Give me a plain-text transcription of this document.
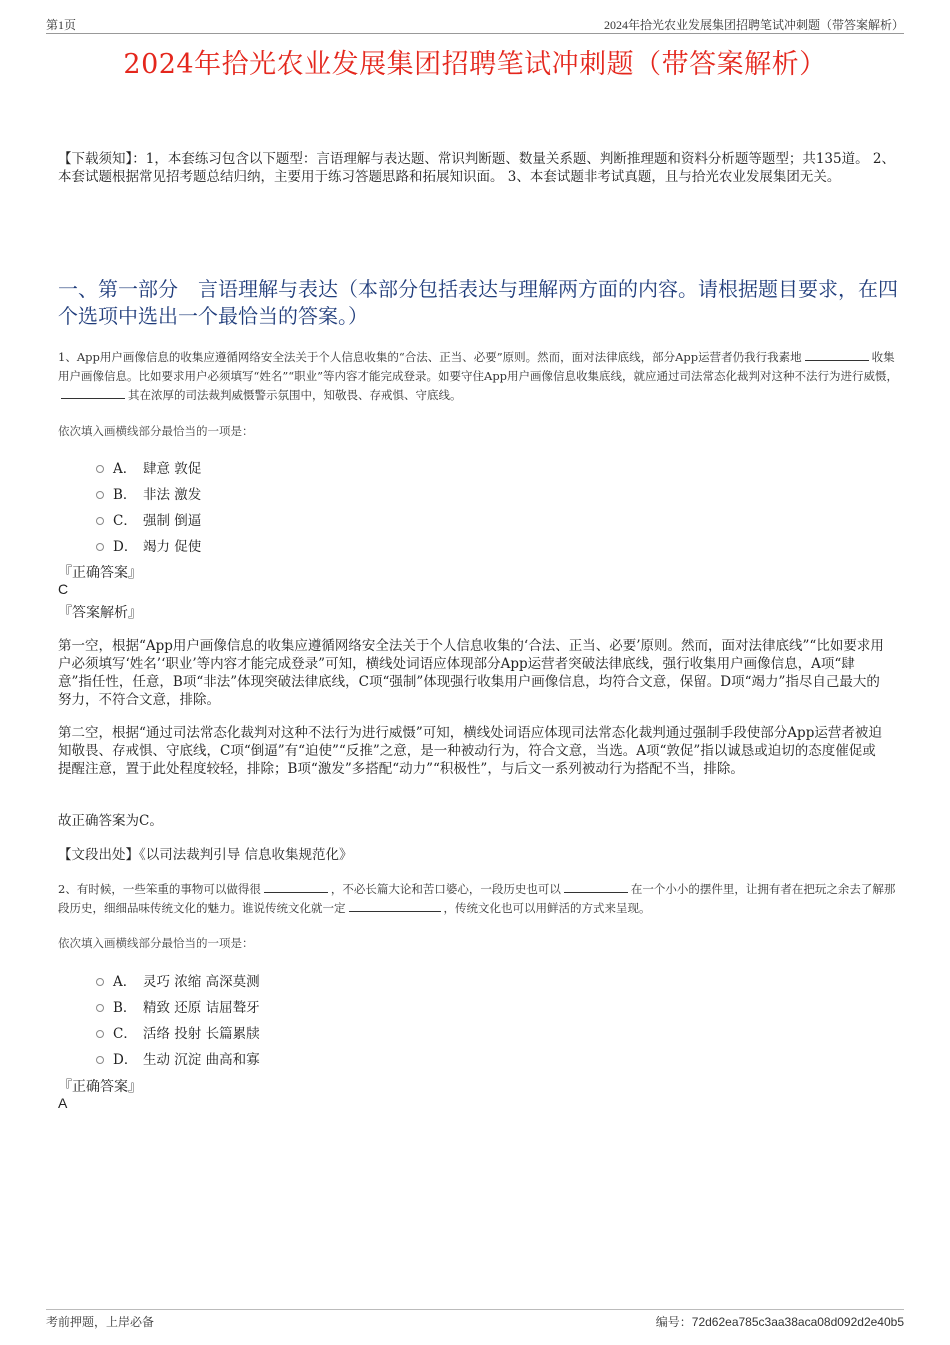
第1页	2024年拾光农业发展集团招聘笔试冲刺题（带答案解析）
2024年拾光农业发展集团招聘笔试冲刺题（带答案解析）
【下载须知】：1，本套练习包含以下题型：言语理解与表达题、常识判断题、数量关系题、判断推理题和资料分析题等题型；共135道。 2、本套试题根据常见招考题总结归纳，主要用于练习答题思路和拓展知识面。 3、本套试题非考试真题，且与拾光农业发展集团无关。
一、第一部分　言语理解与表达（本部分包括表达与理解两方面的内容。请根据题目要求，在四个选项中选出一个最恰当的答案。）
1、App用户画像信息的收集应遵循网络安全法关于个人信息收集的“合法、正当、必要”原则。然而，面对法律底线，部分App运营者仍我行我素地	收集用户画像信息。比如要求用户必须填写“姓名”“职业”等内容才能完成登录。如要守住App用户画像信息收集底线，就应通过司法常态化裁判对这种不法行为进行威慑，其在浓厚的司法裁判威慑警示氛围中，知敬畏、存戒惧、守底线。
依次填入画横线部分最恰当的一项是：
A． 肆意 敦促
B． 非法 激发
C． 强制 倒逼
D． 竭力 促使
『正确答案』
C
『答案解析』
第一空，根据“App用户画像信息的收集应遵循网络安全法关于个人信息收集的‘合法、正当、必要’原则。然而，面对法律底线”“比如要求用户必须填写‘姓名’‘职业’等内容才能完成登录”可知，横线处词语应体现部分App运营者突破法律底线，强行收集用户画像信息，A项“肆意”指任性，任意，B项“非法”体现突破法律底线，C项“强制”体现强行收集用户画像信息，均符合文意，保留。D项“竭力”指尽自己最大的努力，不符合文意，排除。
第二空，根据“通过司法常态化裁判对这种不法行为进行威慑”可知，横线处词语应体现司法常态化裁判通过强制手段使部分App运营者被迫知敬畏、存戒惧、守底线，C项“倒逼”有“迫使”“反推”之意，是一种被动行为，符合文意，当选。A项“敦促”指以诚恳或迫切的态度催促或提醒注意，置于此处程度较轻，排除；B项“激发”多搭配“动力”“积极性”，与后文一系列被动行为搭配不当，排除。
故正确答案为C。
【文段出处】《以司法裁判引导 信息收集规范化》
2、有时候，一些笨重的事物可以做得很	，不必长篇大论和苦口婆心，一段历史也可以	在一个小小的摆件里，让拥有者在把玩之余去了解那段历史，细细品味传统文化的魅力。谁说传统文化就一定	，传统文化也可以用鲜活的方式来呈现。
依次填入画横线部分最恰当的一项是：
A． 灵巧 浓缩 高深莫测
B． 精致 还原 诘屈聱牙
C． 活络 投射 长篇累牍
D． 生动 沉淀 曲高和寡
『正确答案』
A
考前押题，上岸必备	编号：72d62ea785c3aa38aca08d092d2e40b5
